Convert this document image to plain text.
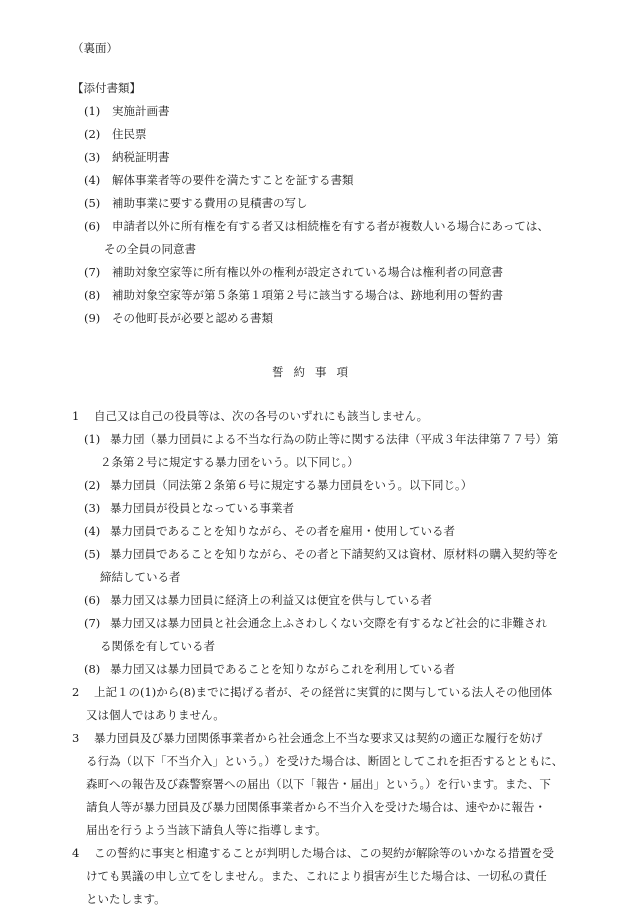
（裏面）
【添付書類】
(1) 実施計画書
(2) 住民票
(3) 納税証明書
(4) 解体事業者等の要件を満たすことを証する書類
(5) 補助事業に要する費用の見積書の写し
(6) 申請者以外に所有権を有する者又は相続権を有する者が複数人いる場合にあっては、
その全員の同意書
(7) 補助対象空家等に所有権以外の権利が設定されている場合は権利者の同意書
(8) 補助対象空家等が第５条第１項第２号に該当する場合は、跡地利用の誓約書
(9) その他町長が必要と認める書類
誓約事項
1 自己又は自己の役員等は、次の各号のいずれにも該当しません。
(1) 暴力団（暴力団員による不当な行為の防止等に関する法律（平成３年法律第７７号）第
２条第２号に規定する暴力団をいう。以下同じ。）
(2) 暴力団員（同法第２条第６号に規定する暴力団員をいう。以下同じ。）
(3) 暴力団員が役員となっている事業者
(4) 暴力団員であることを知りながら、その者を雇用・使用している者
(5) 暴力団員であることを知りながら、その者と下請契約又は資材、原材料の購入契約等を
締結している者
(6) 暴力団又は暴力団員に経済上の利益又は便宜を供与している者
(7) 暴力団又は暴力団員と社会通念上ふさわしくない交際を有するなど社会的に非難され
る関係を有している者
(8) 暴力団又は暴力団員であることを知りながらこれを利用している者
2 上記１の(1)から(8)までに掲げる者が、その経営に実質的に関与している法人その他団体
又は個人ではありません。
3 暴力団員及び暴力団関係事業者から社会通念上不当な要求又は契約の適正な履行を妨げ
る行為（以下「不当介入」という。）を受けた場合は、断固としてこれを拒否するとともに、
森町への報告及び森警察署への届出（以下「報告・届出」という。）を行います。また、下
請負人等が暴力団員及び暴力団関係事業者から不当介入を受けた場合は、速やかに報告・
届出を行うよう当該下請負人等に指導します。
4 この誓約に事実と相違することが判明した場合は、この契約が解除等のいかなる措置を受
けても異議の申し立てをしません。また、これにより損害が生じた場合は、一切私の責任
といたします。
